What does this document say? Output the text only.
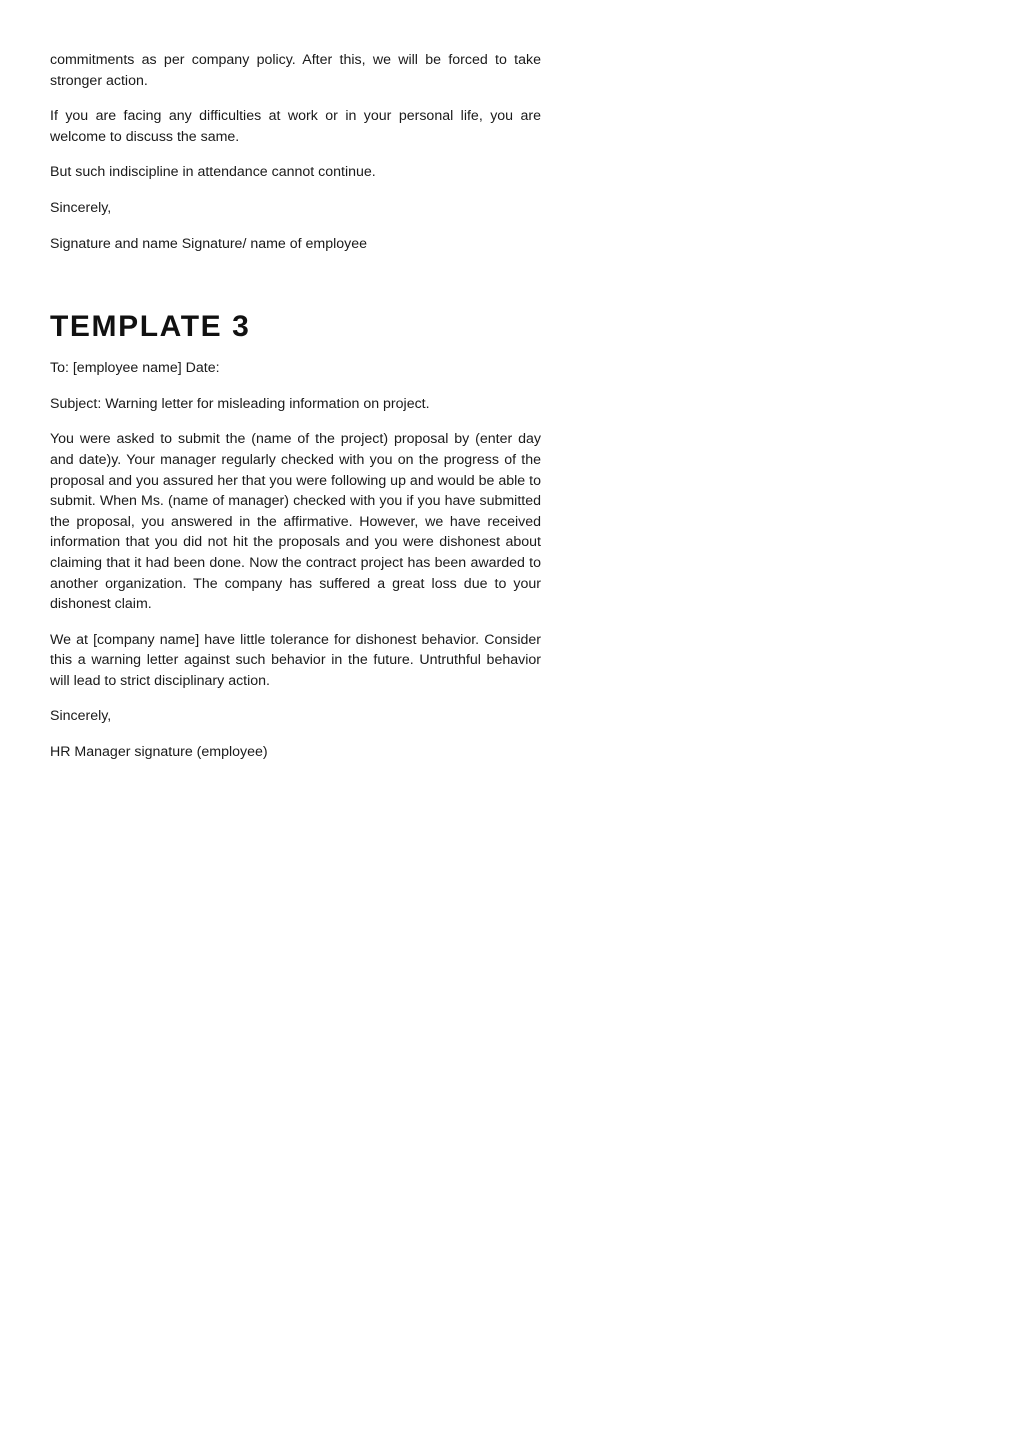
commitments as per company policy. After this, we will be forced to take stronger action.

If you are facing any difficulties at work or in your personal life, you are welcome to discuss the same.

But such indiscipline in attendance cannot continue.

Sincerely,

Signature and name Signature/ name of employee

TEMPLATE 3

To: [employee name] Date:

Subject: Warning letter for misleading information on project.

You were asked to submit the (name of the project) proposal by (enter day and date)y. Your manager regularly checked with you on the progress of the proposal and you assured her that you were following up and would be able to submit. When Ms. (name of manager) checked with you if you have submitted the proposal, you answered in the affirmative. However, we have received information that you did not hit the proposals and you were dishonest about claiming that it had been done. Now the contract project has been awarded to another organization. The company has suffered a great loss due to your dishonest claim.

We at [company name] have little tolerance for dishonest behavior. Consider this a warning letter against such behavior in the future. Untruthful behavior will lead to strict disciplinary action.

Sincerely,

HR Manager signature (employee)
